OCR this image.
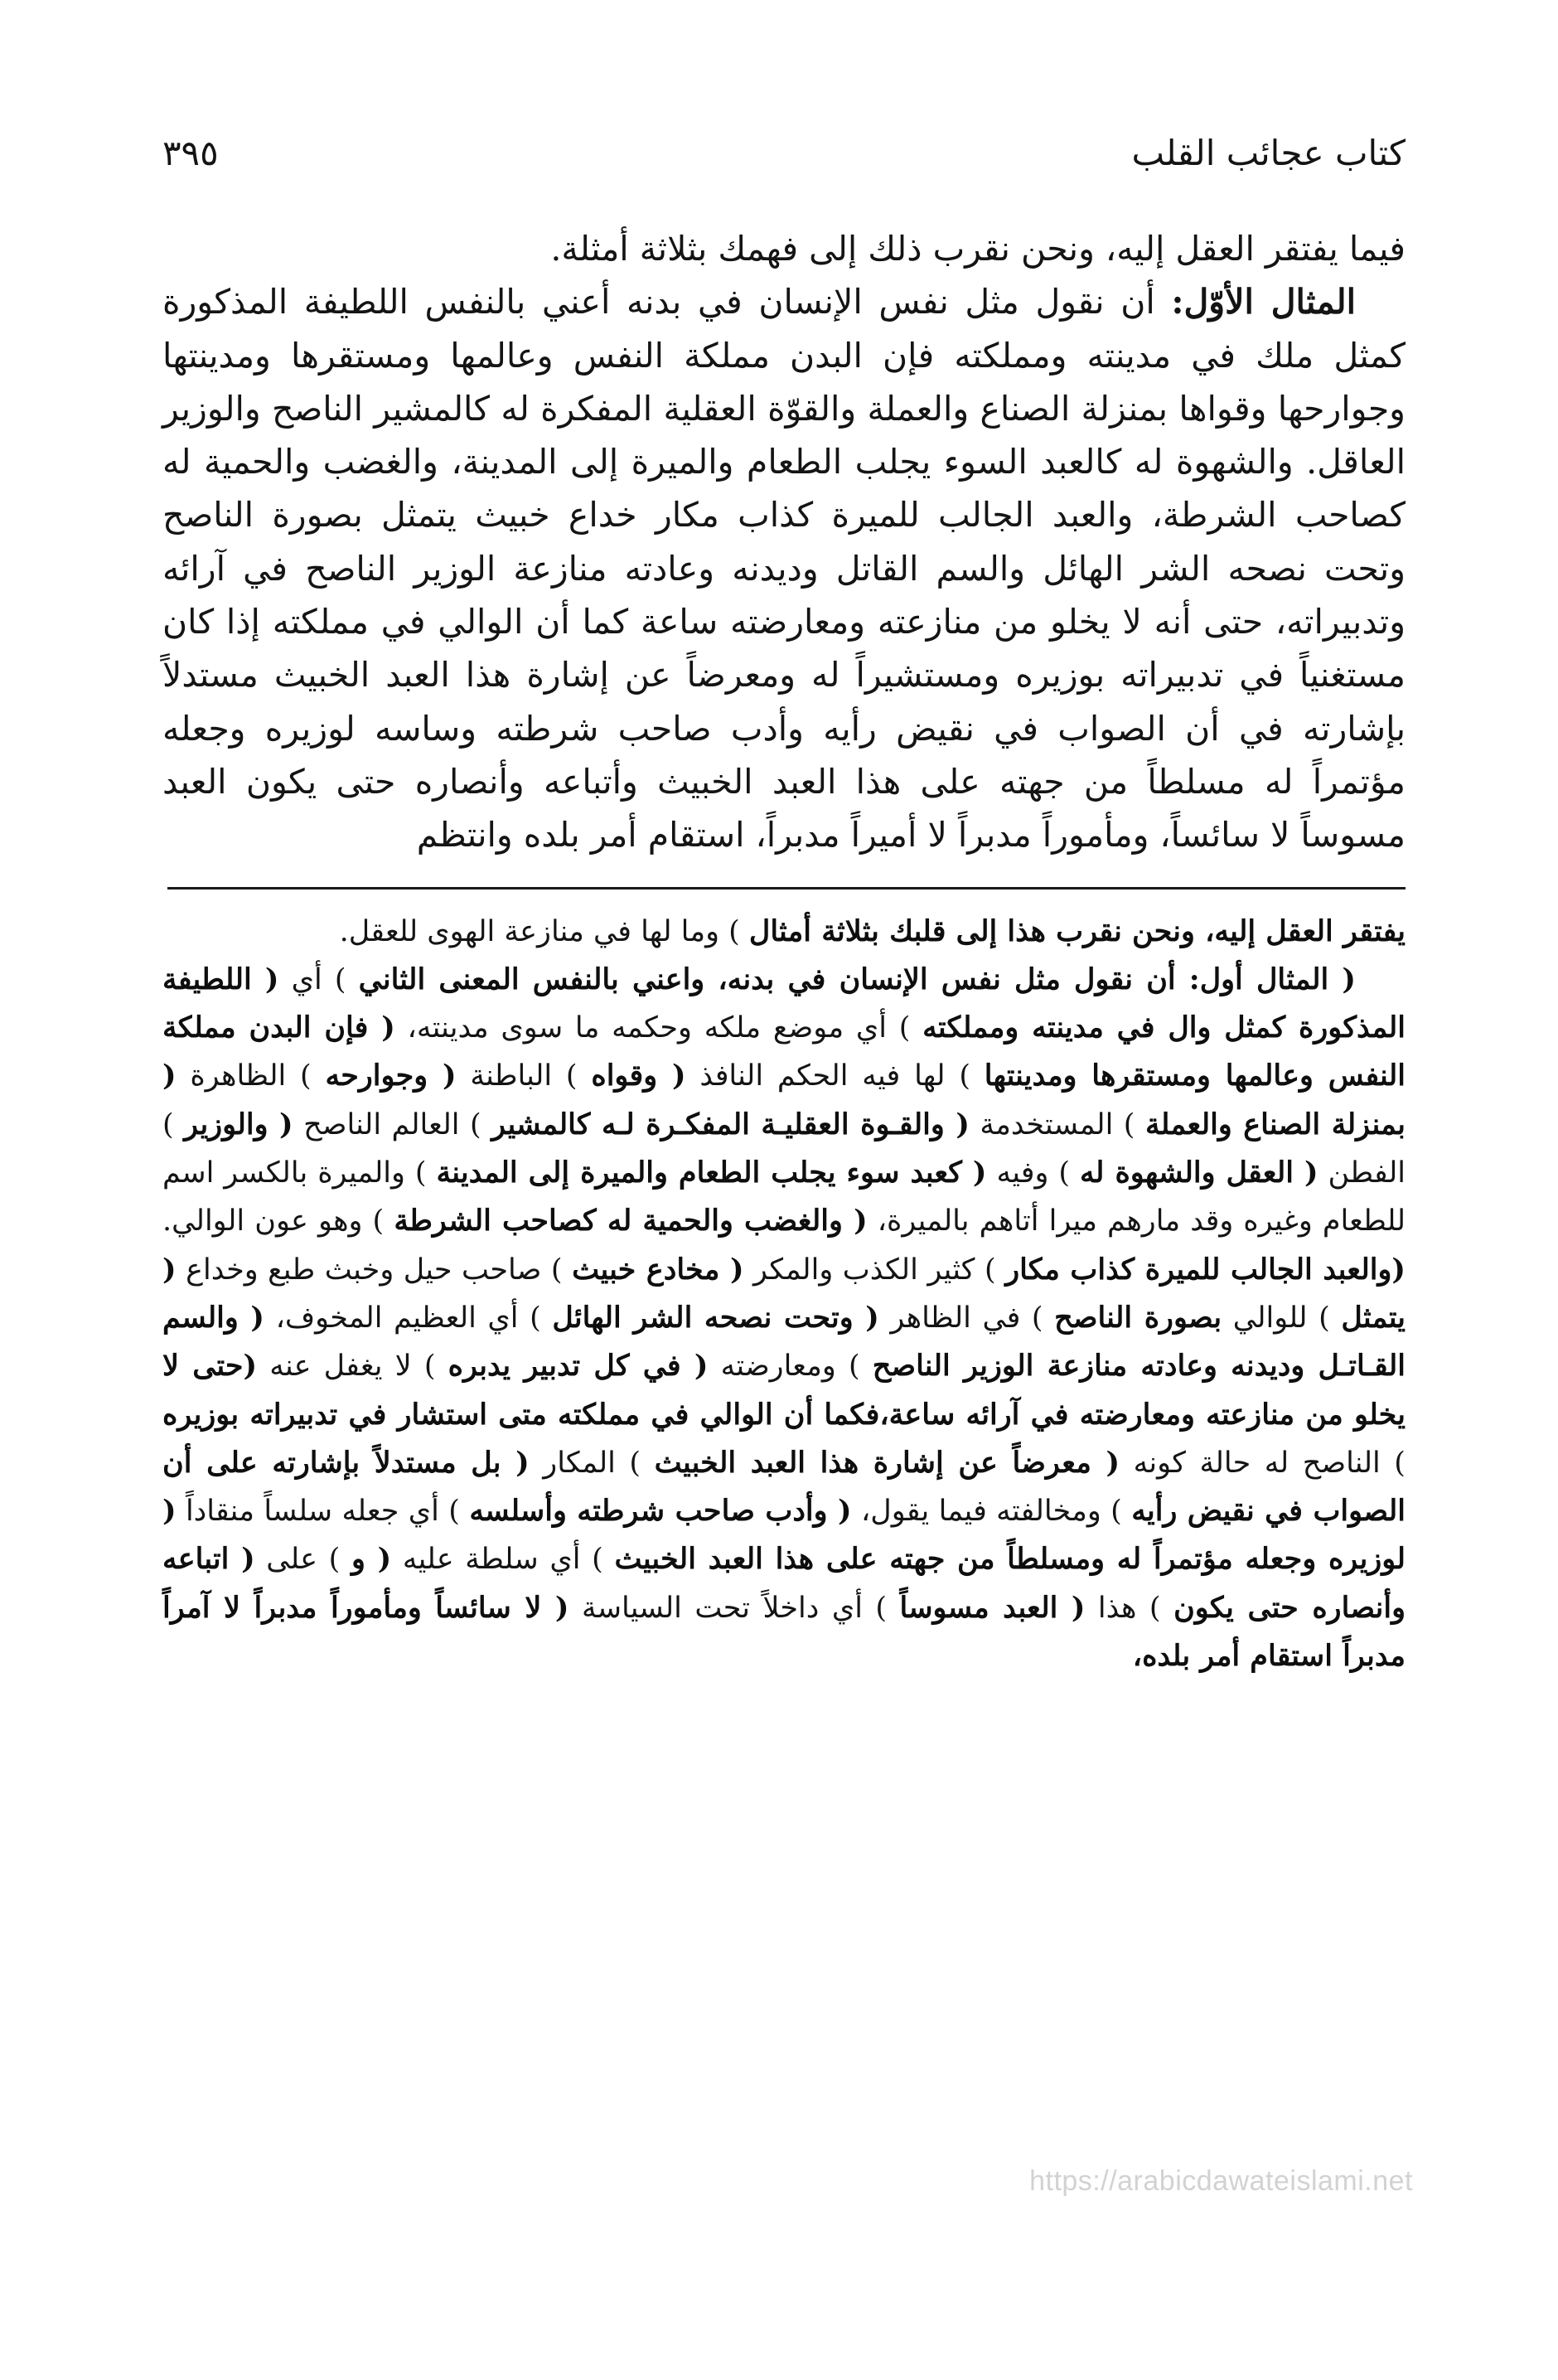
كتاب عجائب القلب
٣٩٥

فيما يفتقر العقل إليه، ونحن نقرب ذلك إلى فهمك بثلاثة أمثلة.

المثال الأوّل: أن نقول مثل نفس الإنسان في بدنه أعني بالنفس اللطيفة المذكورة كمثل ملك في مدينته ومملكته فإن البدن مملكة النفس وعالمها ومستقرها ومدينتها وجوارحها وقواها بمنزلة الصناع والعملة والقوّة العقلية المفكرة له كالمشير الناصح والوزير العاقل. والشهوة له كالعبد السوء يجلب الطعام والميرة إلى المدينة، والغضب والحمية له كصاحب الشرطة، والعبد الجالب للميرة كذاب مكار خداع خبيث يتمثل بصورة الناصح وتحت نصحه الشر الهائل والسم القاتل وديدنه وعادته منازعة الوزير الناصح في آرائه وتدبيراته، حتى أنه لا يخلو من منازعته ومعارضته ساعة كما أن الوالي في مملكته إذا كان مستغنياً في تدبيراته بوزيره ومستشيراً له ومعرضاً عن إشارة هذا العبد الخبيث مستدلاً بإشارته في أن الصواب في نقيض رأيه وأدب صاحب شرطته وساسه لوزيره وجعله مؤتمراً له مسلطاً من جهته على هذا العبد الخبيث وأتباعه وأنصاره حتى يكون العبد مسوساً لا سائساً، ومأموراً مدبراً لا أميراً مدبراً، استقام أمر بلده وانتظم

يفتقر العقل إليه، ونحن نقرب هذا إلى قلبك بثلاثة أمثال ) وما لها في منازعة الهوى للعقل.

( المثال أول: أن نقول مثل نفس الإنسان في بدنه، واعني بالنفس المعنى الثاني ) أي ( اللطيفة المذكورة كمثل وال في مدينته ومملكته ) أي موضع ملكه وحكمه ما سوى مدينته، ( فإن البدن مملكة النفس وعالمها ومستقرها ومدينتها ) لها فيه الحكم النافذ ( وقواه ) الباطنة ( وجوارحه ) الظاهرة ( بمنزلة الصناع والعملة ) المستخدمة ( والقـوة العقليـة المفكـرة لـه كالمشير ) العالم الناصح ( والوزير ) الفطن ( العقل والشهوة له ) وفيه ( كعبد سوء يجلب الطعام والميرة إلى المدينة ) والميرة بالكسر اسم للطعام وغيره وقد مارهم ميرا أتاهم بالميرة، ( والغضب والحمية له كصاحب الشرطة ) وهو عون الوالي. (والعبد الجالب للميرة كذاب مكار ) كثير الكذب والمكر ( مخادع خبيث ) صاحب حيل وخبث طبع وخداع ( يتمثل ) للوالي بصورة الناصح ) في الظاهر ( وتحت نصحه الشر الهائل ) أي العظيم المخوف، ( والسم القـاتـل وديدنه وعادته منازعة الوزير الناصح ) ومعارضته ( في كل تدبير يدبره ) لا يغفل عنه (حتى لا يخلو من منازعته ومعارضته في آرائه ساعة،فكما أن الوالي في مملكته متى استشار في تدبيراته بوزيره ) الناصح له حالة كونه ( معرضاً عن إشارة هذا العبد الخبيث ) المكار ( بل مستدلاً بإشارته على أن الصواب في نقيض رأيه ) ومخالفته فيما يقول، ( وأدب صاحب شرطته وأسلسه ) أي جعله سلساً منقاداً ( لوزيره وجعله مؤتمراً له ومسلطاً من جهته على هذا العبد الخبيث ) أي سلطة عليه ( و ) على ( اتباعه وأنصاره حتى يكون ) هذا ( العبد مسوساً ) أي داخلاً تحت السياسة ( لا سائساً ومأموراً مدبراً لا آمراً مدبراً استقام أمر بلده،

https://arabicdawateislami.net
